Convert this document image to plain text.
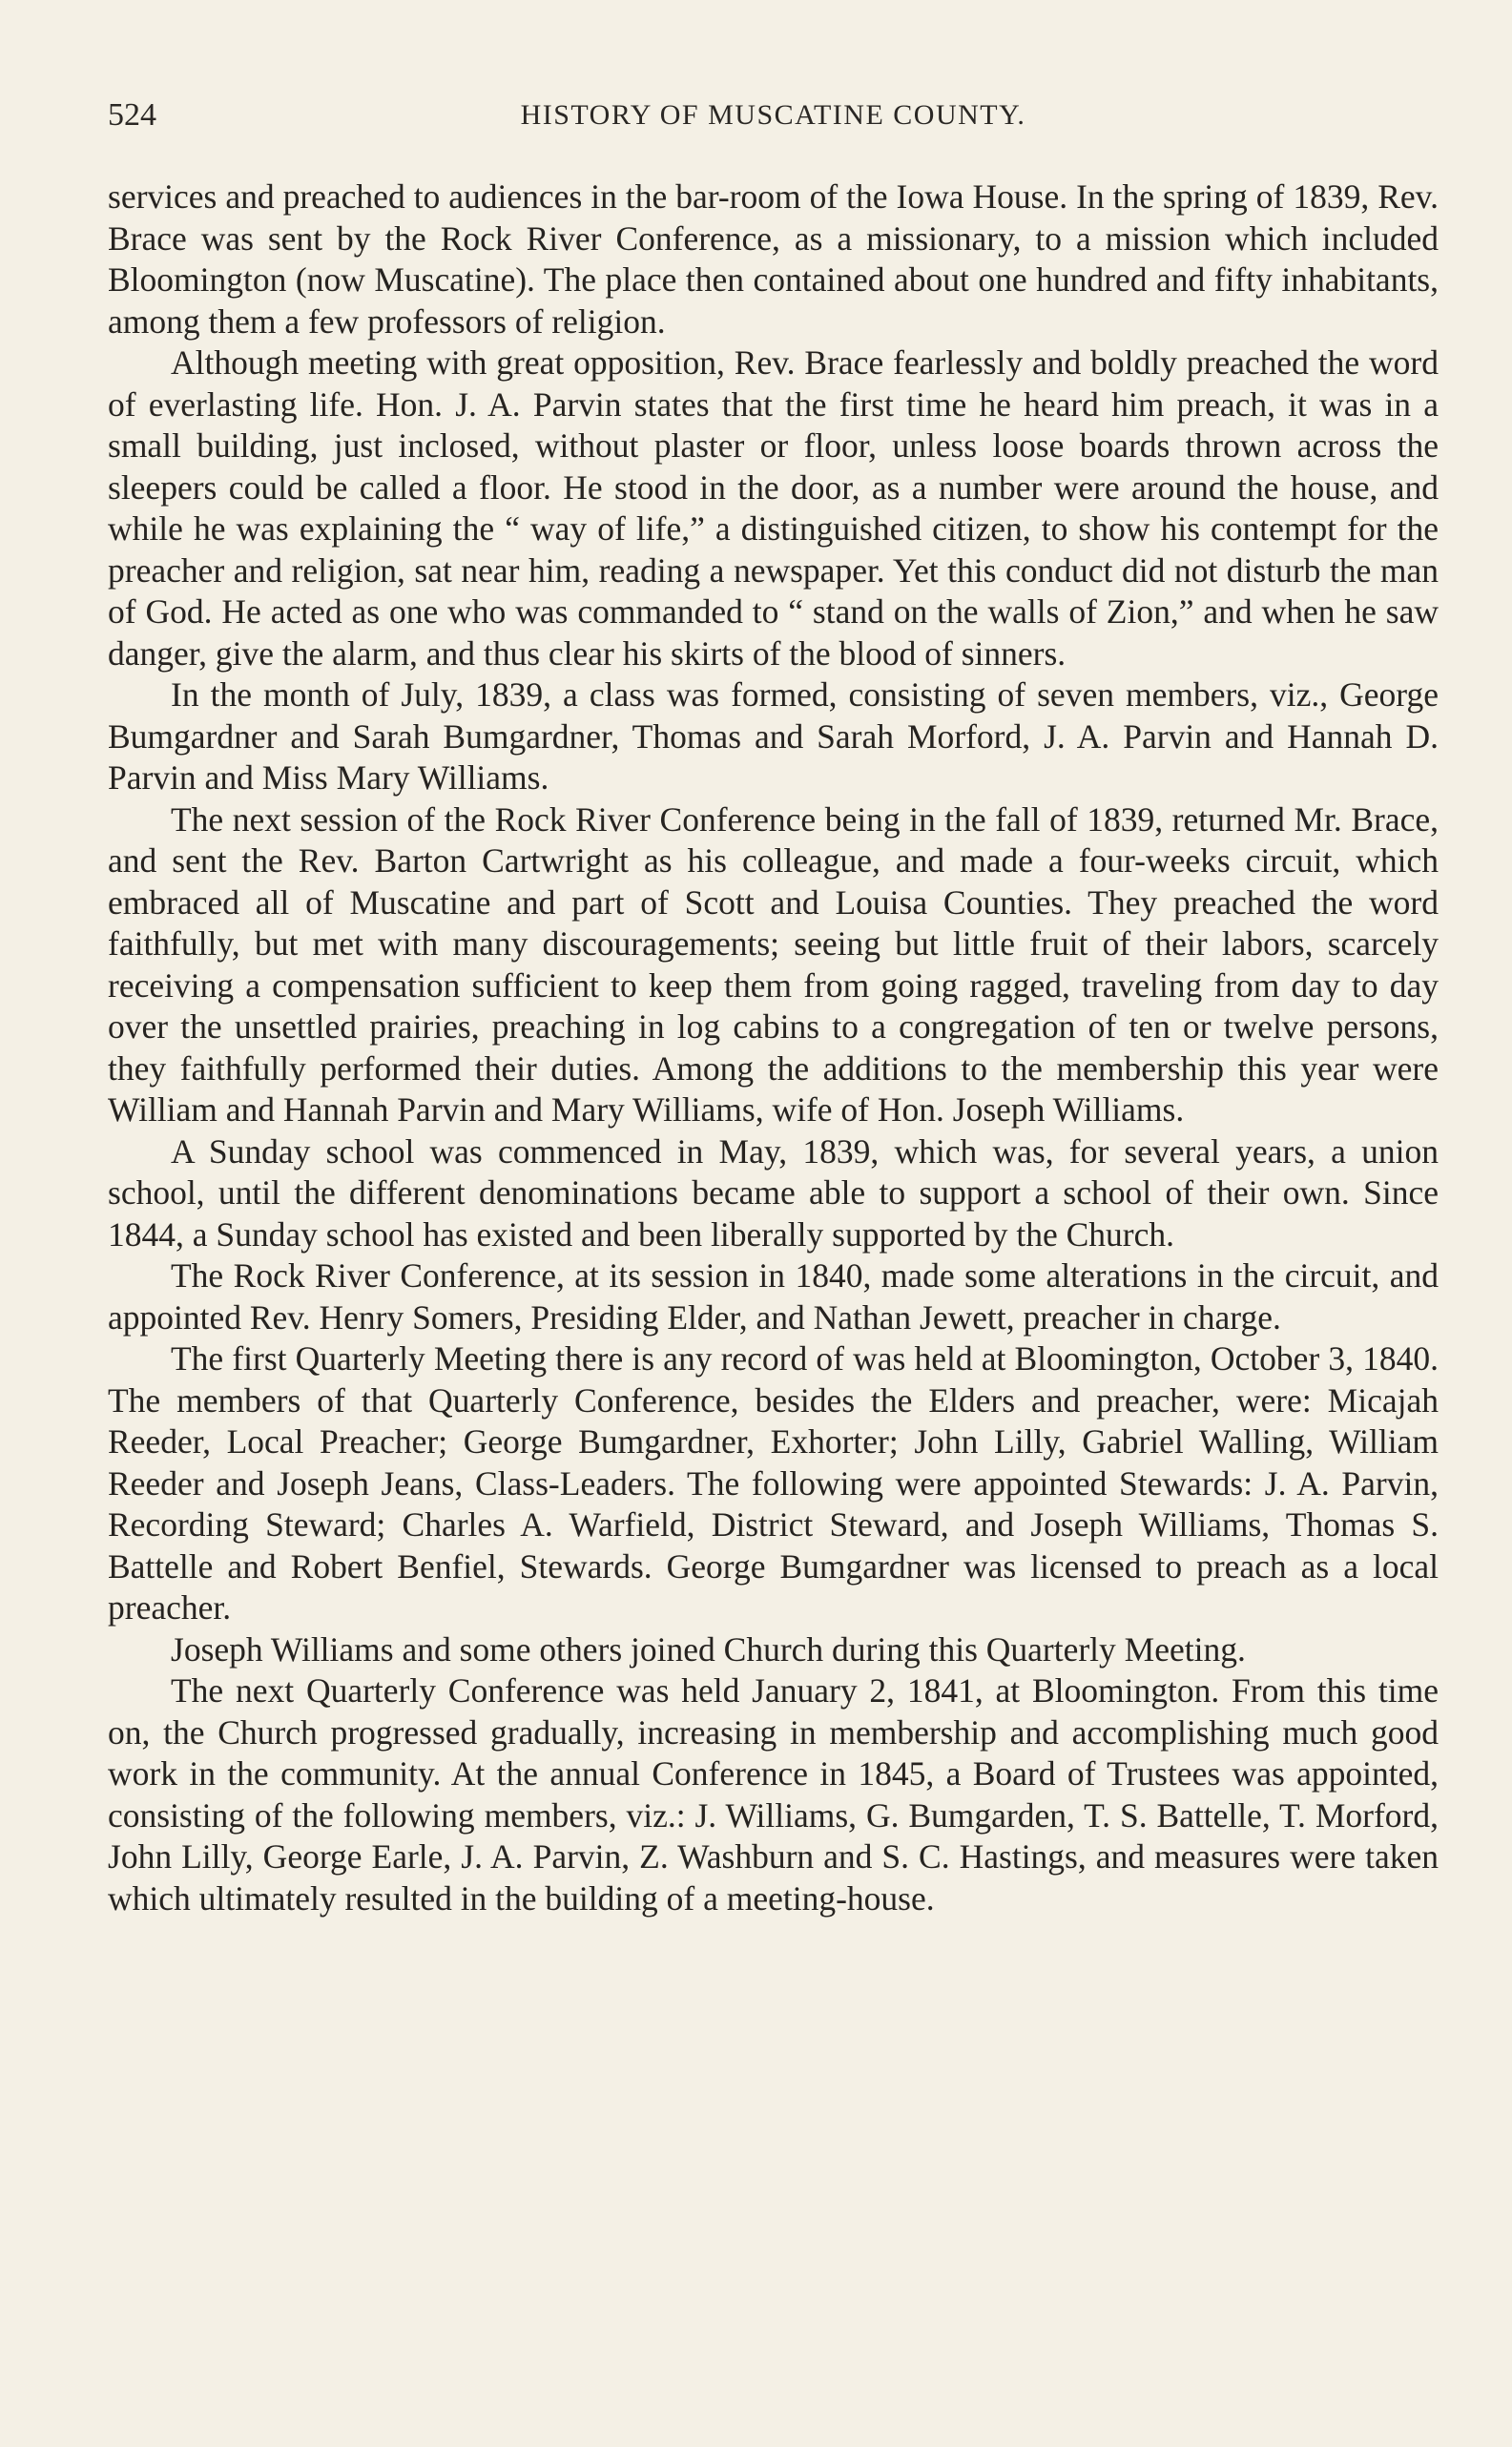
524	HISTORY OF MUSCATINE COUNTY.

services and preached to audiences in the bar-room of the Iowa House. In the spring of 1839, Rev. Brace was sent by the Rock River Conference, as a missionary, to a mission which included Bloomington (now Muscatine). The place then contained about one hundred and fifty inhabitants, among them a few professors of religion.

Although meeting with great opposition, Rev. Brace fearlessly and boldly preached the word of everlasting life. Hon. J. A. Parvin states that the first time he heard him preach, it was in a small building, just inclosed, without plaster or floor, unless loose boards thrown across the sleepers could be called a floor. He stood in the door, as a number were around the house, and while he was explaining the “ way of life,” a distinguished citizen, to show his contempt for the preacher and religion, sat near him, reading a newspaper. Yet this conduct did not disturb the man of God. He acted as one who was commanded to “ stand on the walls of Zion,” and when he saw danger, give the alarm, and thus clear his skirts of the blood of sinners.

In the month of July, 1839, a class was formed, consisting of seven members, viz., George Bumgardner and Sarah Bumgardner, Thomas and Sarah Morford, J. A. Parvin and Hannah D. Parvin and Miss Mary Williams.

The next session of the Rock River Conference being in the fall of 1839, returned Mr. Brace, and sent the Rev. Barton Cartwright as his colleague, and made a four-weeks circuit, which embraced all of Muscatine and part of Scott and Louisa Counties. They preached the word faithfully, but met with many discouragements; seeing but little fruit of their labors, scarcely receiving a compensation sufficient to keep them from going ragged, traveling from day to day over the unsettled prairies, preaching in log cabins to a congregation of ten or twelve persons, they faithfully performed their duties. Among the additions to the membership this year were William and Hannah Parvin and Mary Williams, wife of Hon. Joseph Williams.

A Sunday school was commenced in May, 1839, which was, for several years, a union school, until the different denominations became able to support a school of their own. Since 1844, a Sunday school has existed and been liberally supported by the Church.

The Rock River Conference, at its session in 1840, made some alterations in the circuit, and appointed Rev. Henry Somers, Presiding Elder, and Nathan Jewett, preacher in charge.

The first Quarterly Meeting there is any record of was held at Bloomington, October 3, 1840. The members of that Quarterly Conference, besides the Elders and preacher, were: Micajah Reeder, Local Preacher; George Bumgardner, Exhorter; John Lilly, Gabriel Walling, William Reeder and Joseph Jeans, Class-Leaders. The following were appointed Stewards: J. A. Parvin, Recording Steward; Charles A. Warfield, District Steward, and Joseph Williams, Thomas S. Battelle and Robert Benfiel, Stewards. George Bumgardner was licensed to preach as a local preacher.

Joseph Williams and some others joined Church during this Quarterly Meeting.

The next Quarterly Conference was held January 2, 1841, at Bloomington. From this time on, the Church progressed gradually, increasing in membership and accomplishing much good work in the community. At the annual Conference in 1845, a Board of Trustees was appointed, consisting of the following members, viz.: J. Williams, G. Bumgarden, T. S. Battelle, T. Morford, John Lilly, George Earle, J. A. Parvin, Z. Washburn and S. C. Hastings, and measures were taken which ultimately resulted in the building of a meeting-house.
